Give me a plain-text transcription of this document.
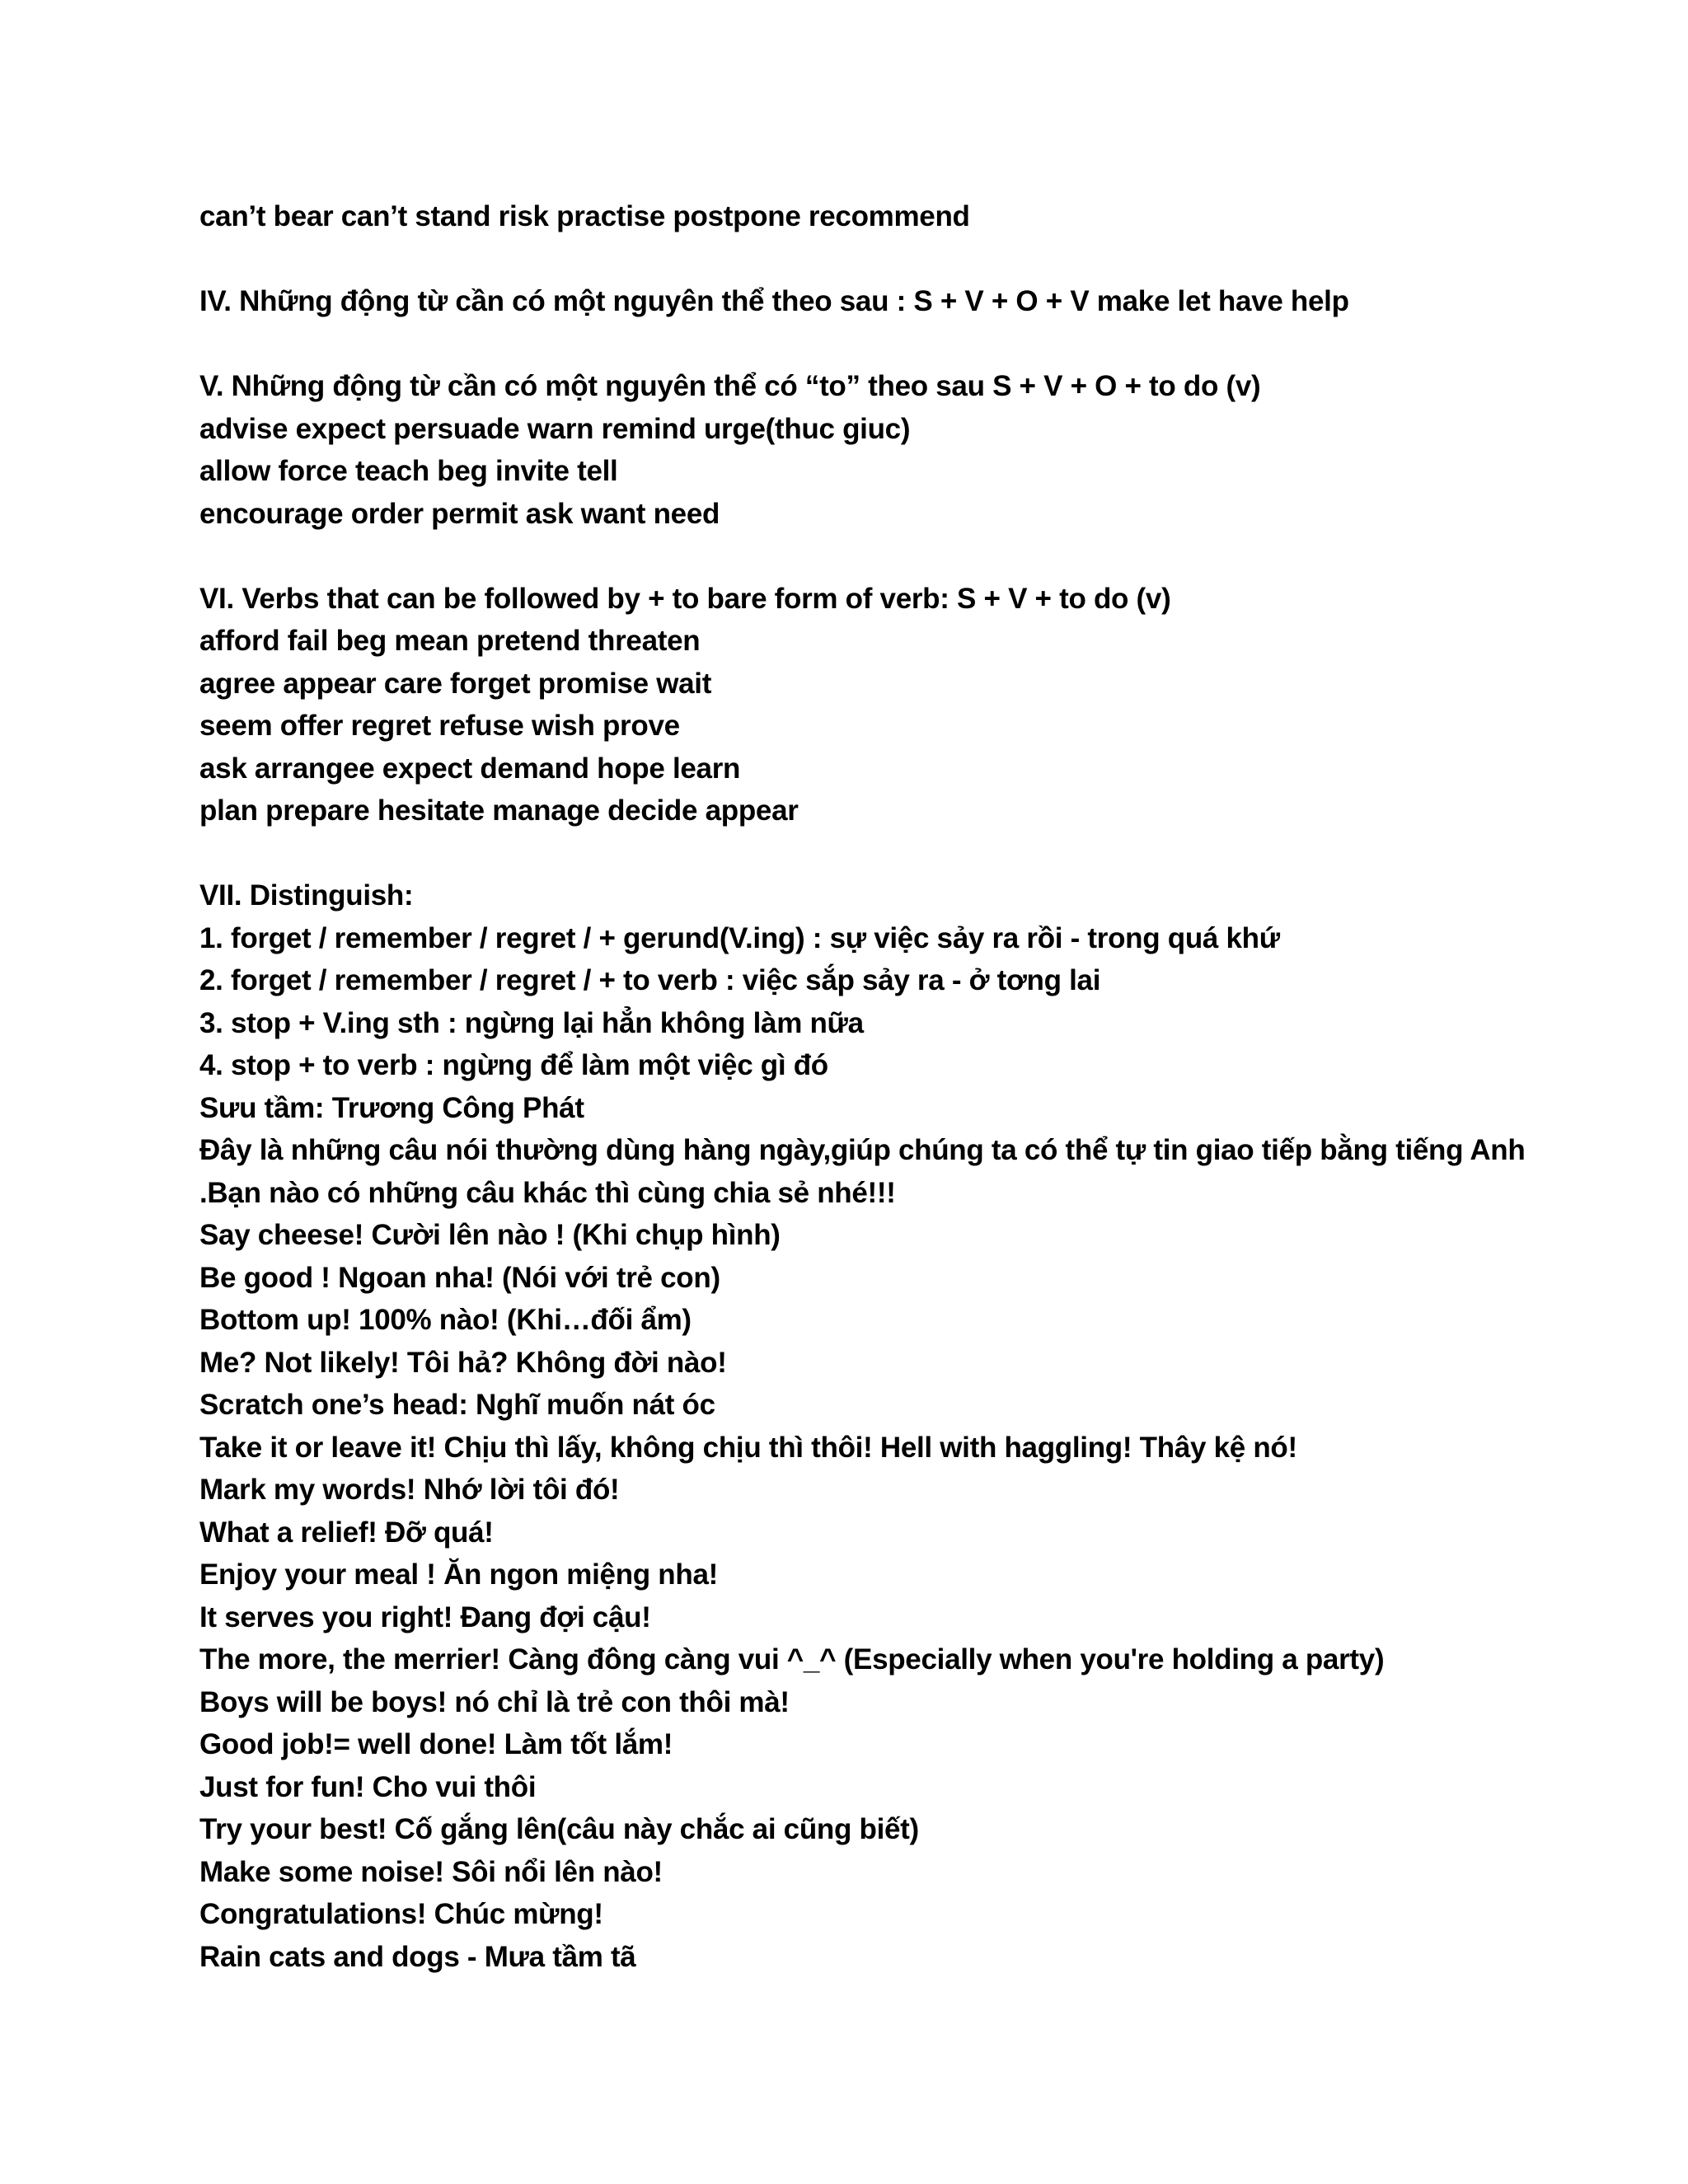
can’t bear can’t stand risk practise postpone recommend
IV. Những động từ cần có một nguyên thể theo sau : S + V + O + V make let have help
V. Những động từ cần có một nguyên thể có “to” theo sau S + V + O + to do (v)
advise expect persuade warn remind urge(thuc giuc)
allow force teach beg invite tell
encourage order permit ask want need
VI. Verbs that can be followed by + to bare form of verb: S + V + to do (v)
afford fail beg mean pretend threaten
agree appear care forget promise wait
seem offer regret refuse wish prove
ask arrangee expect demand hope learn
plan prepare hesitate manage decide appear
VII. Distinguish:
1. forget / remember / regret / + gerund(V.ing) : sự việc sảy ra rồi - trong quá khứ
2. forget / remember / regret / + to verb : việc sắp sảy ra - ở tơng lai
3. stop + V.ing sth : ngừng lại hẳn không làm nữa
4. stop + to verb : ngừng để làm một việc gì đó
Sưu tầm: Trương Công Phát
Đây là những câu nói thường dùng hàng ngày,giúp chúng ta có thể tự tin giao tiếp bằng tiếng Anh
.Bạn nào có những câu khác thì cùng chia sẻ nhé!!!
Say cheese! Cười lên nào ! (Khi chụp hình)
Be good ! Ngoan nha! (Nói với trẻ con)
Bottom up! 100% nào! (Khi…đối ẩm)
Me? Not likely! Tôi hả? Không đời nào!
Scratch one’s head: Nghĩ muốn nát óc
Take it or leave it! Chịu thì lấy, không chịu thì thôi! Hell with haggling! Thây kệ nó!
Mark my words! Nhớ lời tôi đó!
What a relief! Đỡ quá!
Enjoy your meal ! Ăn ngon miệng nha!
It serves you right! Đang đợi cậu!
The more, the merrier! Càng đông càng vui ^_^ (Especially when you're holding a party)
Boys will be boys! nó chỉ là trẻ con thôi mà!
Good job!= well done! Làm tốt lắm!
Just for fun! Cho vui thôi
Try your best! Cố gắng lên(câu này chắc ai cũng biết)
Make some noise! Sôi nổi lên nào!
Congratulations! Chúc mừng!
Rain cats and dogs - Mưa tầm tã
